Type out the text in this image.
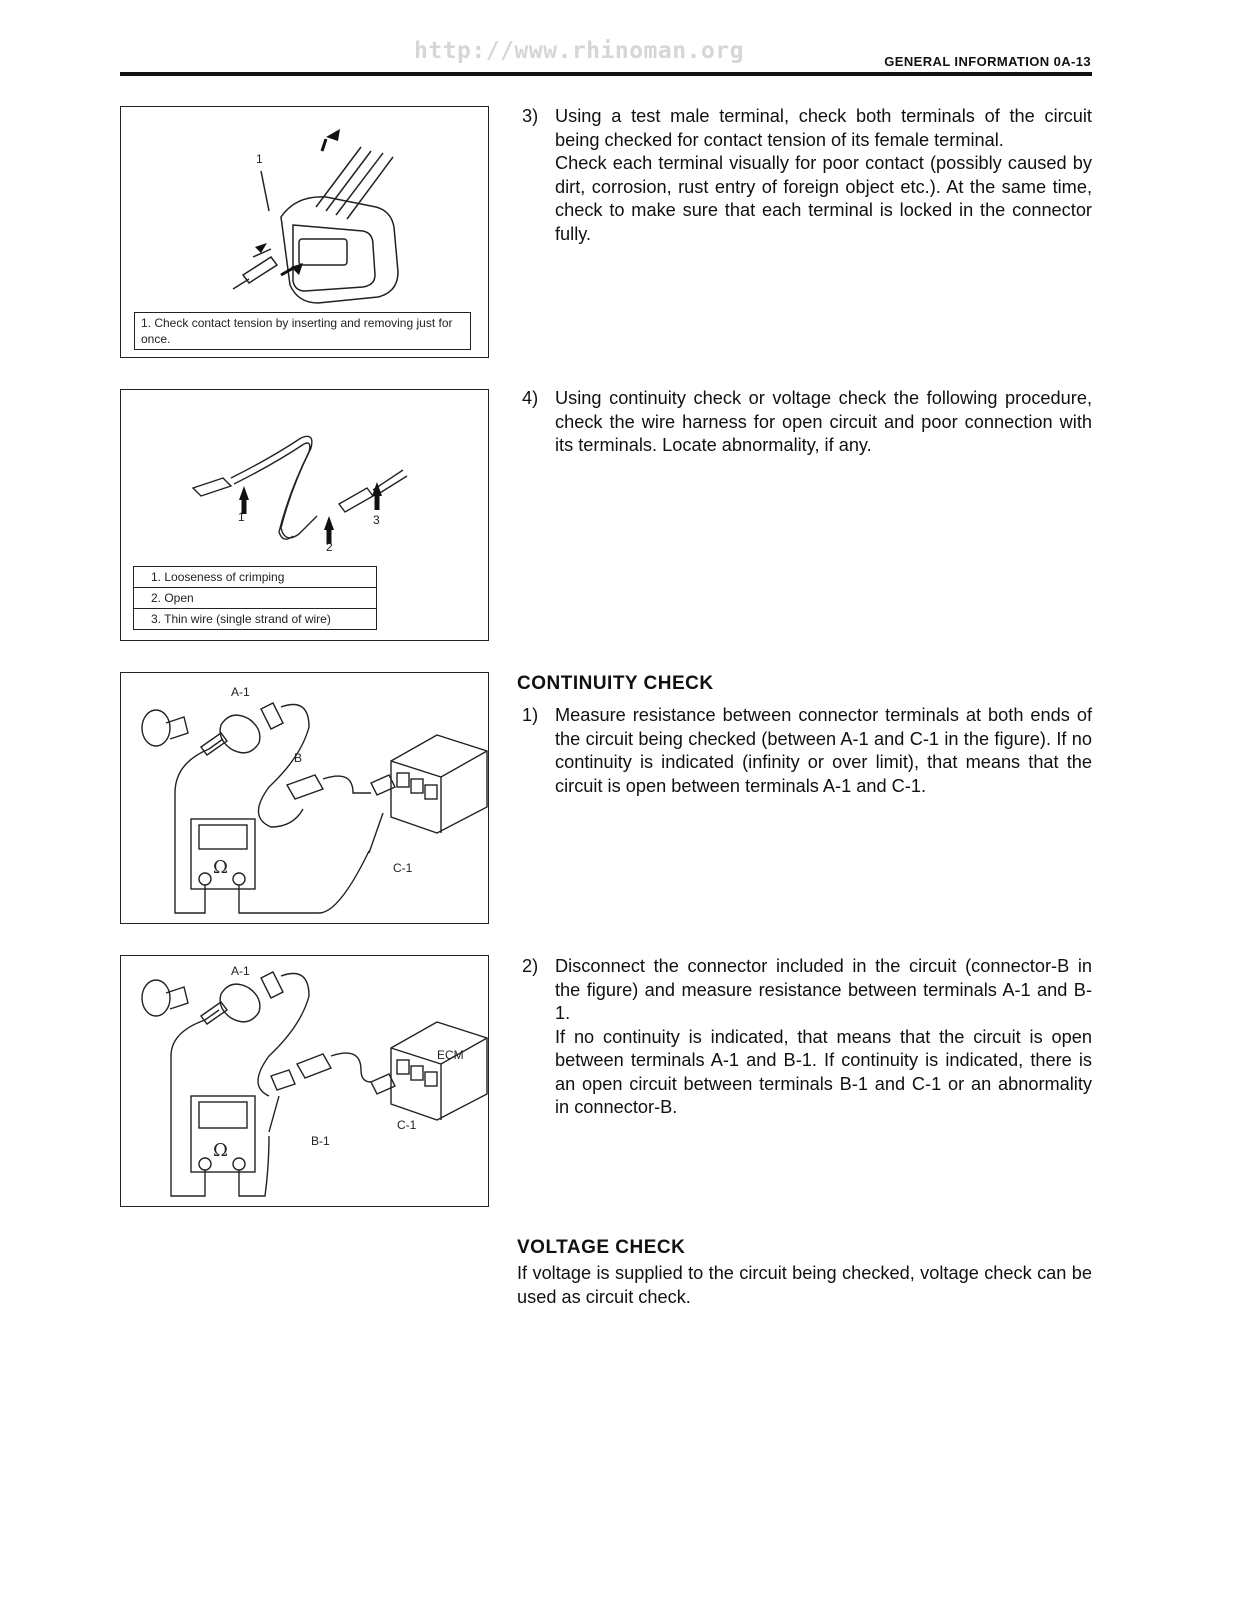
http://www.rhinoman.org	GENERAL INFORMATION 0A-13
1
1. Check contact tension by inserting and removing just for once.
1
2
3
1. Looseness of crimping
2. Open
3. Thin wire (single strand of wire)
Ω
A-1
B
C-1
Ω
A-1
ECM
C-1
B-1
3) Using a test male terminal, check both terminals of the circuit being checked for contact tension of its female terminal.

Check each terminal visually for poor contact (possibly caused by dirt, corrosion, rust entry of foreign object etc.). At the same time, check to make sure that each terminal is locked in the connector fully.

4) Using continuity check or voltage check the following procedure, check the wire harness for open circuit and poor connection with its terminals. Locate abnormality, if any.

CONTINUITY CHECK
1) Measure resistance between connector terminals at both ends of the circuit being checked (between A-1 and C-1 in the figure). If no continuity is indicated (infinity or over limit), that means that the circuit is open between terminals A-1 and C-1.

2) Disconnect the connector included in the circuit (connector-B in the figure) and measure resistance between terminals A-1 and B-1.

If no continuity is indicated, that means that the circuit is open between terminals A-1 and B-1. If continuity is indicated, there is an open circuit between terminals B-1 and C-1 or an abnormality in connector-B.

VOLTAGE CHECK
If voltage is supplied to the circuit being checked, voltage check can be used as circuit check.
